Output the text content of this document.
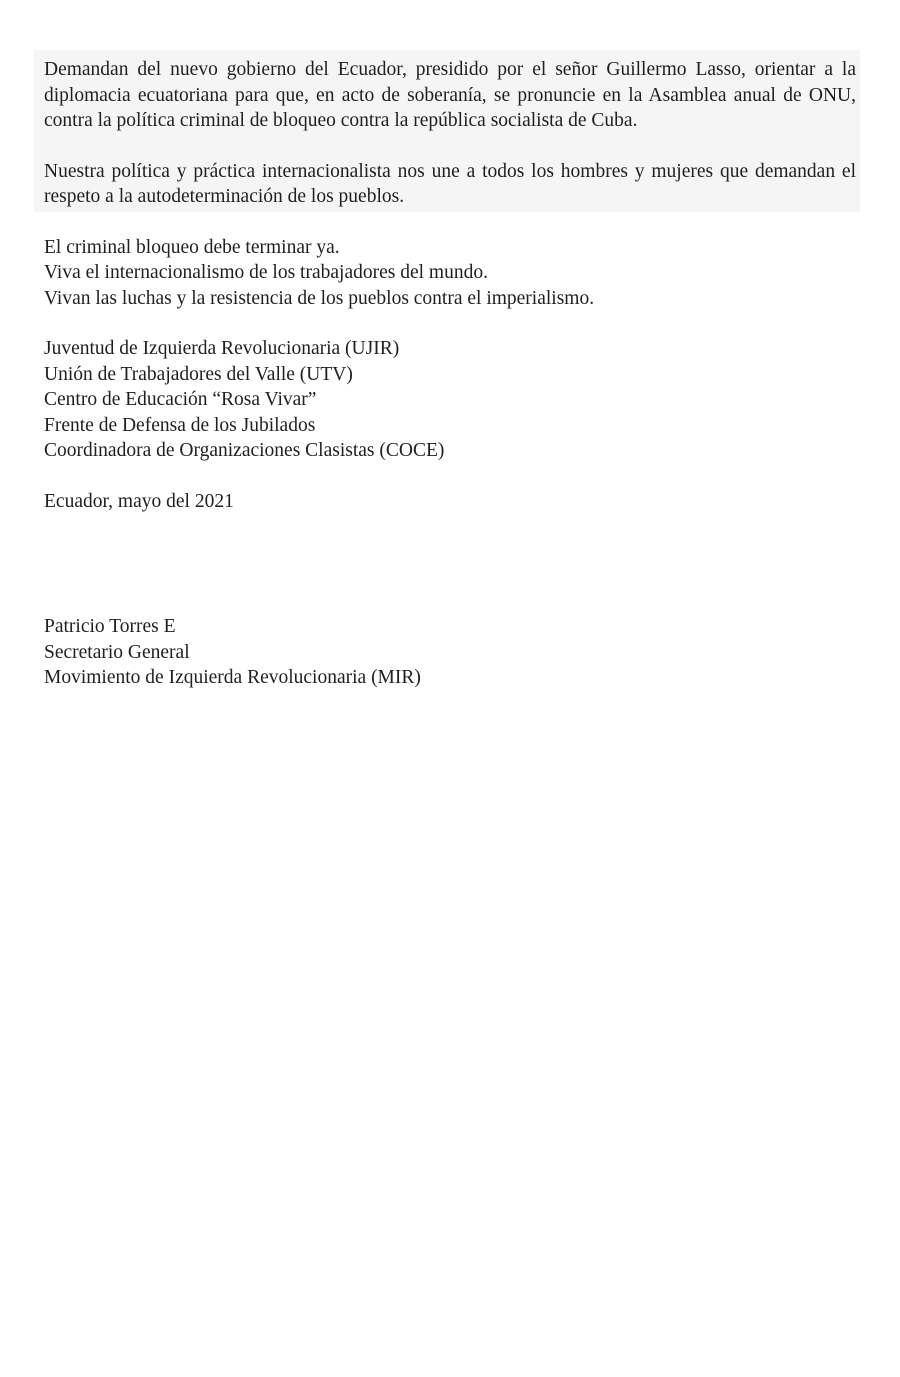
Demandan del nuevo gobierno del Ecuador, presidido por el señor Guillermo Lasso, orientar a la diplomacia ecuatoriana para que, en acto de soberanía, se pronuncie en la Asamblea anual de ONU, contra la política criminal de bloqueo contra la república socialista de Cuba.

Nuestra política y práctica internacionalista nos une a todos los hombres y mujeres que demandan el respeto a la autodeterminación de los pueblos.

El criminal bloqueo debe terminar ya.
Viva el internacionalismo de los trabajadores del mundo.
Vivan las luchas y la resistencia de los pueblos contra el imperialismo.
Juventud de Izquierda Revolucionaria (UJIR)
Unión de Trabajadores del Valle (UTV)
Centro de Educación “Rosa Vivar”
Frente de Defensa de los Jubilados
Coordinadora de Organizaciones Clasistas (COCE)
Ecuador, mayo del 2021
Patricio Torres E
Secretario General
Movimiento de Izquierda Revolucionaria (MIR)
